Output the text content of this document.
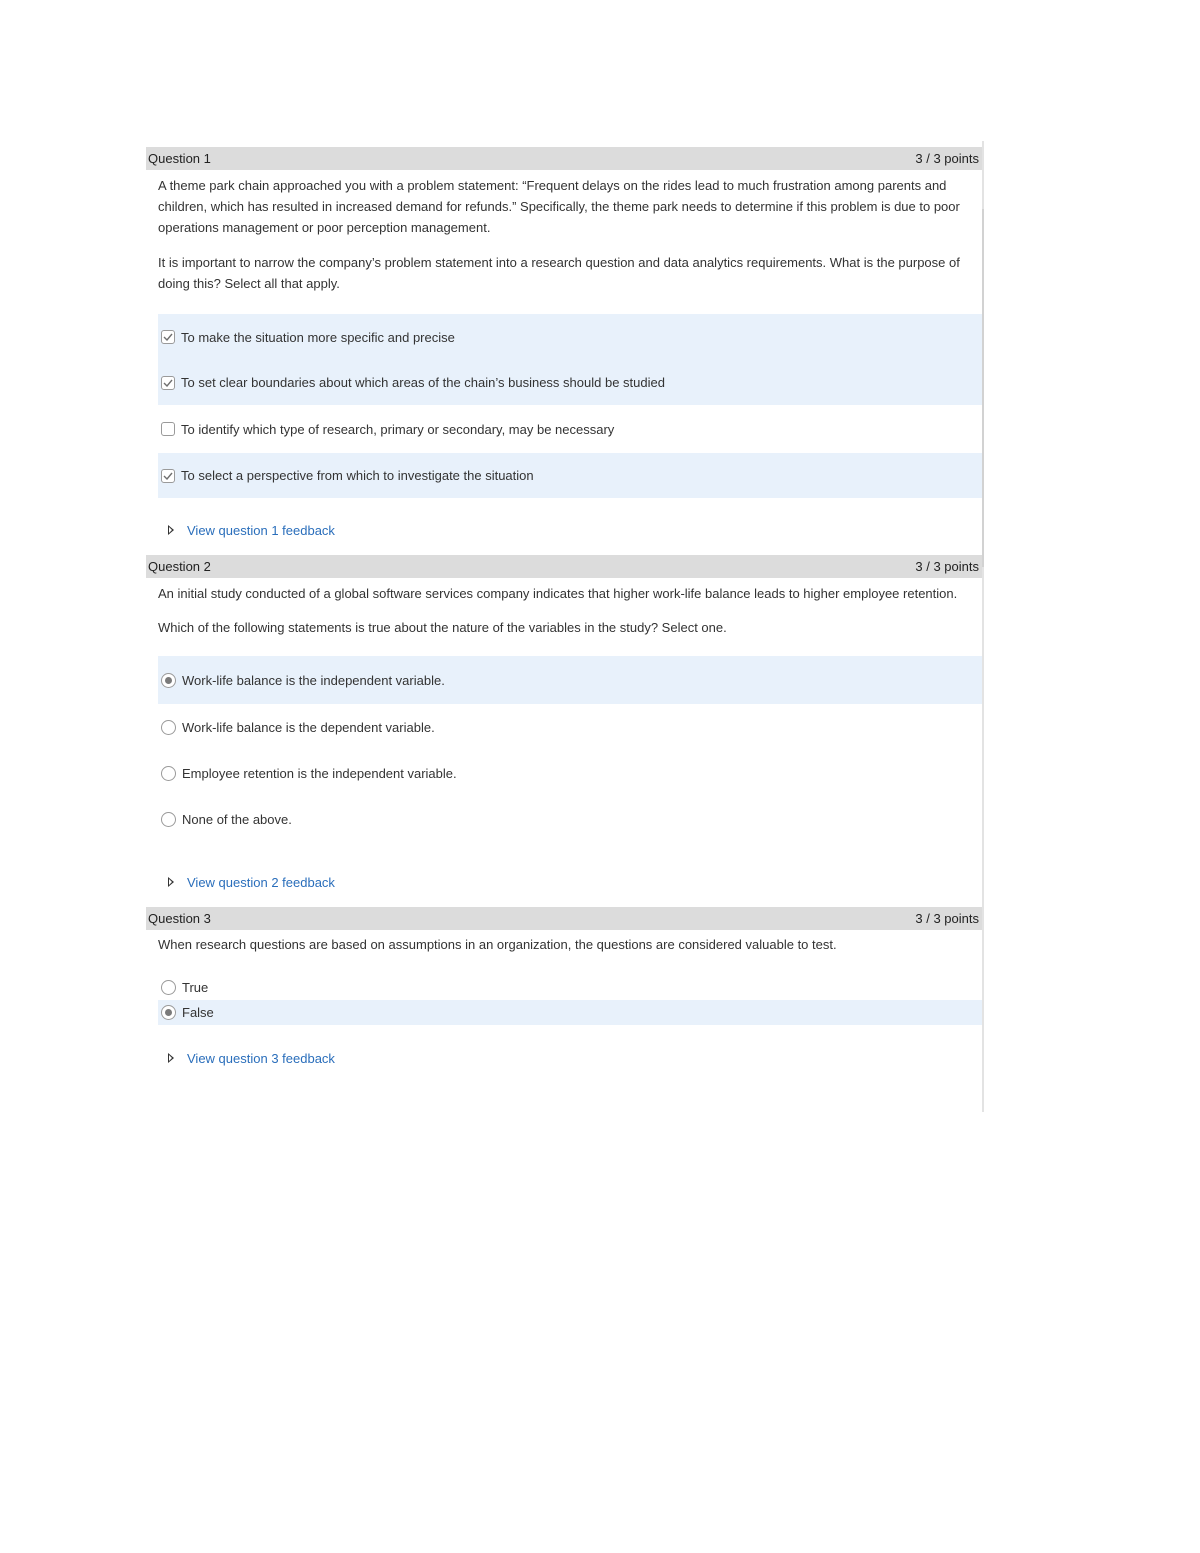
Question 1	3 / 3 points

A theme park chain approached you with a problem statement: “Frequent delays on the rides lead to much frustration among parents and children, which has resulted in increased demand for refunds.” Specifically, the theme park needs to determine if this problem is due to poor operations management or poor perception management.

It is important to narrow the company’s problem statement into a research question and data analytics requirements. What is the purpose of doing this? Select all that apply.

To make the situation more specific and precise
To set clear boundaries about which areas of the chain’s business should be studied
To identify which type of research, primary or secondary, may be necessary
To select a perspective from which to investigate the situation
View question 1 feedback
Question 2	3 / 3 points

An initial study conducted of a global software services company indicates that higher work-life balance leads to higher employee retention.

Which of the following statements is true about the nature of the variables in the study? Select one.

Work-life balance is the independent variable.
Work-life balance is the dependent variable.
Employee retention is the independent variable.
None of the above.
View question 2 feedback
Question 3	3 / 3 points

When research questions are based on assumptions in an organization, the questions are considered valuable to test.

True
False
View question 3 feedback
